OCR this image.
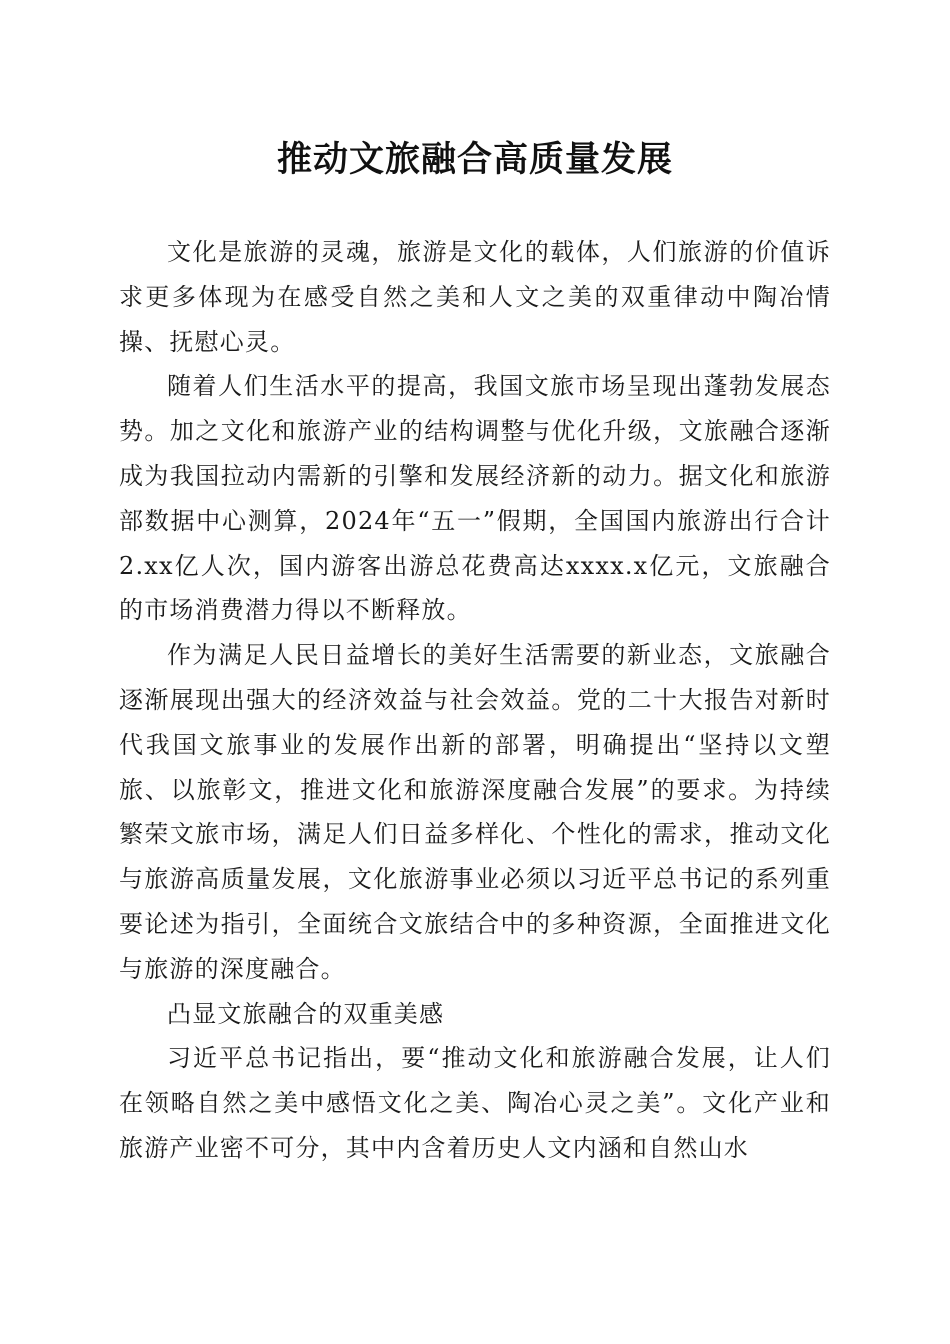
推动文旅融合高质量发展

文化是旅游的灵魂，旅游是文化的载体，人们旅游的价值诉求更多体现为在感受自然之美和人文之美的双重律动中陶冶情操、抚慰心灵。

随着人们生活水平的提高，我国文旅市场呈现出蓬勃发展态势。加之文化和旅游产业的结构调整与优化升级，文旅融合逐渐成为我国拉动内需新的引擎和发展经济新的动力。据文化和旅游部数据中心测算，2024年“五一”假期，全国国内旅游出行合计2.xx亿人次，国内游客出游总花费高达xxxx.x亿元，文旅融合的市场消费潜力得以不断释放。

作为满足人民日益增长的美好生活需要的新业态，文旅融合逐渐展现出强大的经济效益与社会效益。党的二十大报告对新时代我国文旅事业的发展作出新的部署，明确提出“坚持以文塑旅、以旅彰文，推进文化和旅游深度融合发展”的要求。为持续繁荣文旅市场，满足人们日益多样化、个性化的需求，推动文化与旅游高质量发展，文化旅游事业必须以习近平总书记的系列重要论述为指引，全面统合文旅结合中的多种资源，全面推进文化与旅游的深度融合。

凸显文旅融合的双重美感

习近平总书记指出，要“推动文化和旅游融合发展，让人们在领略自然之美中感悟文化之美、陶冶心灵之美”。文化产业和旅游产业密不可分，其中内含着历史人文内涵和自然山水
